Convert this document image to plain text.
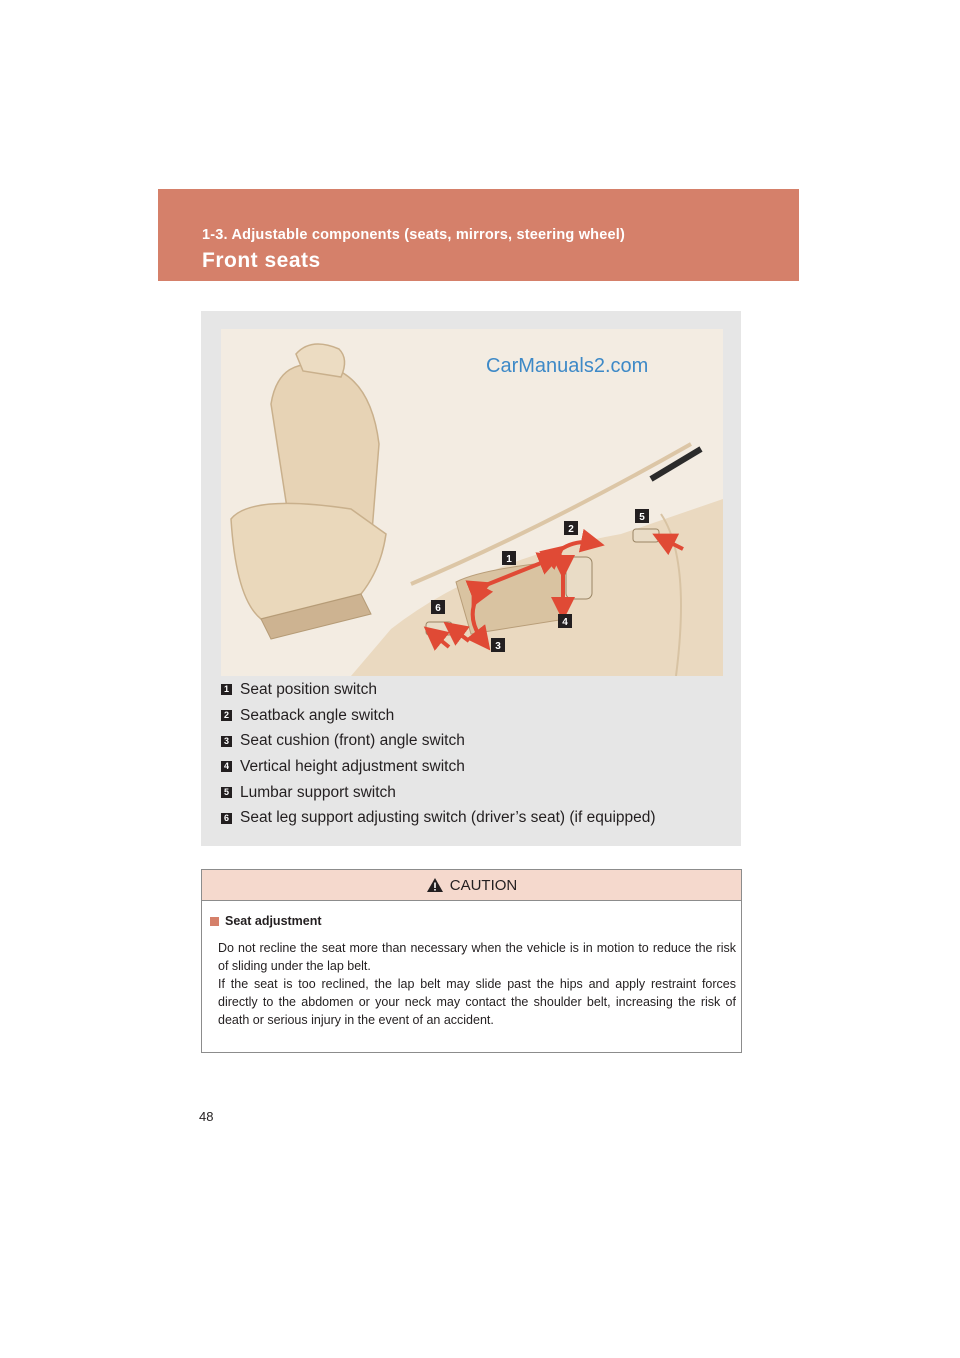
1-3. Adjustable components (seats, mirrors, steering wheel)
Front seats
1
2
3
4
5
6
CarManuals2.com
1 Seat position switch
2 Seatback angle switch
3 Seat cushion (front) angle switch
4 Vertical height adjustment switch
5 Lumbar support switch
6 Seat leg support adjusting switch (driver’s seat) (if equipped)
CAUTION
Seat adjustment

Do not recline the seat more than necessary when the vehicle is in motion to reduce the risk of sliding under the lap belt.

If the seat is too reclined, the lap belt may slide past the hips and apply restraint forces directly to the abdomen or your neck may contact the shoulder belt, increasing the risk of death or serious injury in the event of an accident.

48
